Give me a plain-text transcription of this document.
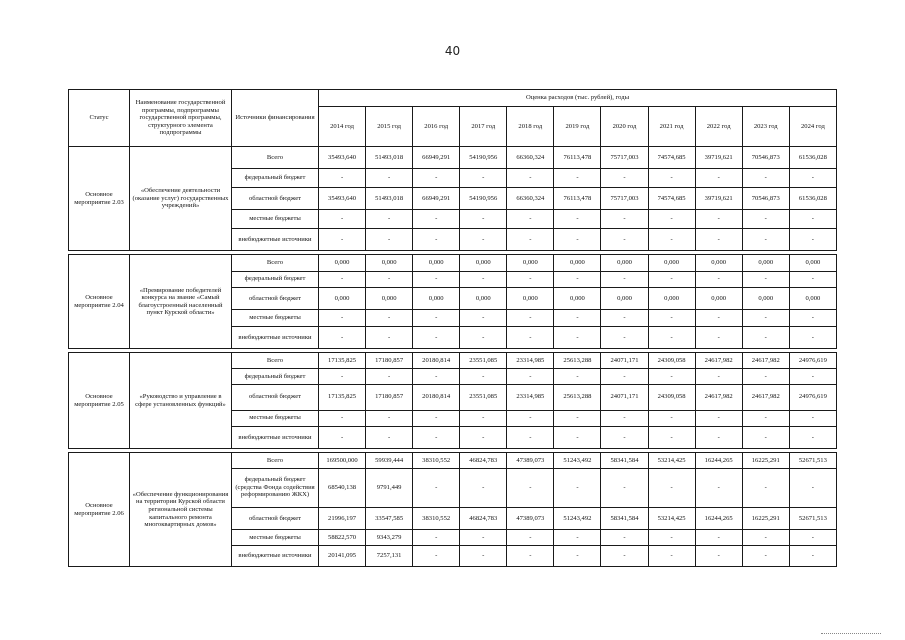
40
Статус	Наименование государственной программы, подпрограммы государственной программы, структурного элемента подпрограммы	Источники финансирования	Оценка расходов (тыс. рублей), годы										
			2014 год	2015 год	2016 год	2017 год	2018 год	2019 год	2020 год	2021 год	2022 год	2023 год	2024 год
Основное мероприятие 2.03	«Обеспечение деятельности (оказание услуг) государственных учреждений»	Всего	35493,640	51493,018	66949,291	54190,956	66360,324	76113,478	75717,003	74574,685	39719,621	70546,873	61536,028
		федеральный бюджет	-	-	-	-	-	-	-	-	-	-	-
		областной бюджет	35493,640	51493,018	66949,291	54190,956	66360,324	76113,478	75717,003	74574,685	39719,621	70546,873	61536,028
		местные бюджеты	-	-	-	-	-	-	-	-	-	-	-
		внебюджетные источники	-	-	-	-	-	-	-	-	-	-	-

Основное мероприятие 2.04	«Премирование победителей конкурса на звание «Самый благоустроенный населенный пункт Курской области»	Всего	0,000	0,000	0,000	0,000	0,000	0,000	0,000	0,000	0,000	0,000	0,000
		федеральный бюджет	-	-	-	-	-	-	-	-	-	-	-
		областной бюджет	0,000	0,000	0,000	0,000	0,000	0,000	0,000	0,000	0,000	0,000	0,000
		местные бюджеты	-	-	-	-	-	-	-	-	-	-	-
		внебюджетные источники	-	-	-	-	-	-	-	-	-	-	-

Основное мероприятие 2.05	«Руководство и управление в сфере установленных функций»	Всего	17135,825	17180,857	20180,814	23551,085	23314,985	25613,288	24071,171	24309,058	24617,982	24617,982	24976,619
		федеральный бюджет	-	-	-	-	-	-	-	-	-	-	-
		областной бюджет	17135,825	17180,857	20180,814	23551,085	23314,985	25613,288	24071,171	24309,058	24617,982	24617,982	24976,619
		местные бюджеты	-	-	-	-	-	-	-	-	-	-	-
		внебюджетные источники	-	-	-	-	-	-	-	-	-	-	-

Основное мероприятие 2.06	«Обеспечение функционирования на территории Курской области региональной системы капитального ремонта многоквартирных домов»	Всего	169500,000	59939,444	38310,552	46824,783	47389,073	51243,492	58341,584	53214,425	16244,265	16225,291	52671,513
		федеральный бюджет (средства Фонда содействия реформированию ЖКХ)	68540,138	9791,449	-	-	-	-	-	-	-	-	-
		областной бюджет	21996,197	33547,585	38310,552	46824,783	47389,073	51243,492	58341,584	53214,425	16244,265	16225,291	52671,513
		местные бюджеты	58822,570	9343,279	-	-	-	-	-	-	-	-	-
		внебюджетные источники	20141,095	7257,131	-	-	-	-	-	-	-	-	-
